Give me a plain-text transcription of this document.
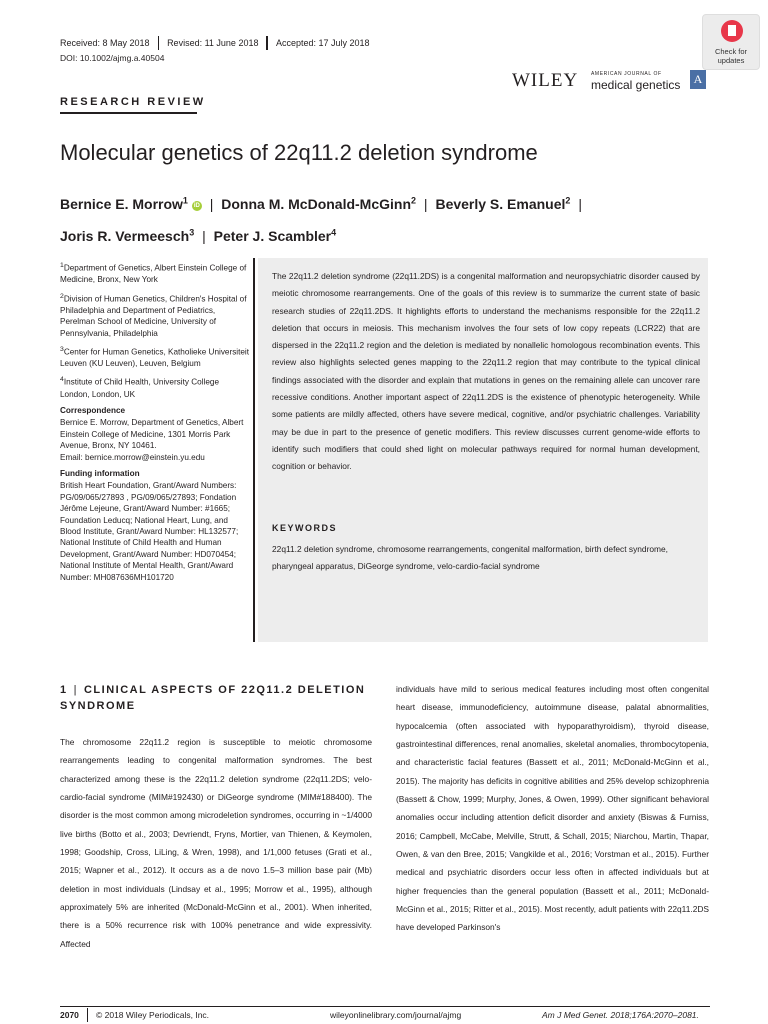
Received: 8 May 2018 Revised: 11 June 2018 Accepted: 17 July 2018
DOI: 10.1002/ajmg.a.40504
WILEY	AMERICAN JOURNAL OF
medical genetics	A
Check for updates
RESEARCH REVIEW
Molecular genetics of 22q11.2 deletion syndrome
Bernice E. Morrow$^1$ iD | Donna M. McDonald-McGinn$^2$ | Beverly S. Emanuel$^2$ |
Joris R. Vermeesch$^3$ | Peter J. Scambler$^4$

$^1$Department of Genetics, Albert Einstein College of Medicine, Bronx, New York

$^2$Division of Human Genetics, Children's Hospital of Philadelphia and Department of Pediatrics, Perelman School of Medicine, University of Pennsylvania, Philadelphia

$^3$Center for Human Genetics, Katholieke Universiteit Leuven (KU Leuven), Leuven, Belgium

$^4$Institute of Child Health, University College London, London, UK

Correspondence

Bernice E. Morrow, Department of Genetics, Albert Einstein College of Medicine, 1301 Morris Park Avenue, Bronx, NY 10461.

Email: bernice.morrow@einstein.yu.edu

Funding information

British Heart Foundation, Grant/Award Numbers: PG/09/065/27893 , PG/09/065/27893; Fondation Jérôme Lejeune, Grant/Award Number: #1665; Foundation Leducq; National Heart, Lung, and Blood Institute, Grant/Award Number: HL132577; National Institute of Child Health and Human Development, Grant/Award Number: HD070454; National Institute of Mental Health, Grant/Award Number: MH087636MH101720

The 22q11.2 deletion syndrome (22q11.2DS) is a congenital malformation and neuropsychiatric disorder caused by meiotic chromosome rearrangements. One of the goals of this review is to summarize the current state of basic research studies of 22q11.2DS. It highlights efforts to understand the mechanisms responsible for the 22q11.2 deletion that occurs in meiosis. This mechanism involves the four sets of low copy repeats (LCR22) that are dispersed in the 22q11.2 region and the deletion is mediated by nonallelic homologous recombination events. This review also highlights selected genes mapping to the 22q11.2 region that may contribute to the typical clinical findings associated with the disorder and explain that mutations in genes on the remaining allele can uncover rare recessive conditions. Another important aspect of 22q11.2DS is the existence of phenotypic heterogeneity. While some patients are mildly affected, others have severe medical, cognitive, and/or psychiatric challenges. Variability may be due in part to the presence of genetic modifiers. This review discusses current genome-wide efforts to identify such modifiers that could shed light on molecular pathways required for normal human development, cognition or behavior.
KEYWORDS
22q11.2 deletion syndrome, chromosome rearrangements, congenital malformation, birth defect syndrome, pharyngeal apparatus, DiGeorge syndrome, velo-cardio-facial syndrome
1 | CLINICAL ASPECTS OF 22Q11.2 DELETION SYNDROME
The chromosome 22q11.2 region is susceptible to meiotic chromosome rearrangements leading to congenital malformation syndromes. The best characterized among these is the 22q11.2 deletion syndrome (22q11.2DS; velo-cardio-facial syndrome (MIM#192430) or DiGeorge syndrome (MIM#188400). The disorder is the most common among microdeletion syndromes, occurring in ~1/4000 live births (Botto et al., 2003; Devriendt, Fryns, Mortier, van Thienen, & Keymolen, 1998; Goodship, Cross, LiLing, & Wren, 1998), and 1/1,000 fetuses (Grati et al., 2015; Wapner et al., 2012). It occurs as a de novo 1.5–3 million base pair (Mb) deletion in most individuals (Lindsay et al., 1995; Morrow et al., 1995), although approximately 5% are inherited (McDonald-McGinn et al., 2001). When inherited, there is a 50% recurrence risk with 100% penetrance and wide expressivity. Affected
individuals have mild to serious medical features including most often congenital heart disease, immunodeficiency, autoimmune disease, palatal abnormalities, hypocalcemia (often associated with hypoparathyroidism), thyroid disease, gastrointestinal differences, renal anomalies, skeletal anomalies, thrombocytopenia, and characteristic facial features (Bassett et al., 2011; McDonald-McGinn et al., 2015). The majority has deficits in cognitive abilities and 25% develop schizophrenia (Bassett & Chow, 1999; Murphy, Jones, & Owen, 1999). Other significant behavioral anomalies occur including attention deficit disorder and anxiety (Biswas & Furniss, 2016; Campbell, McCabe, Melville, Strutt, & Schall, 2015; Niarchou, Martin, Thapar, Owen, & van den Bree, 2015; Vangkilde et al., 2016; Vorstman et al., 2015). Further medical and psychiatric disorders occur less often in affected individuals but at higher frequencies than the general population (Bassett et al., 2011; McDonald-McGinn et al., 2015; Ritter et al., 2015). Most recently, adult patients with 22q11.2DS have developed Parkinson's
2070 © 2018 Wiley Periodicals, Inc.	wileyonlinelibrary.com/journal/ajmg	Am J Med Genet. 2018;176A:2070–2081.
